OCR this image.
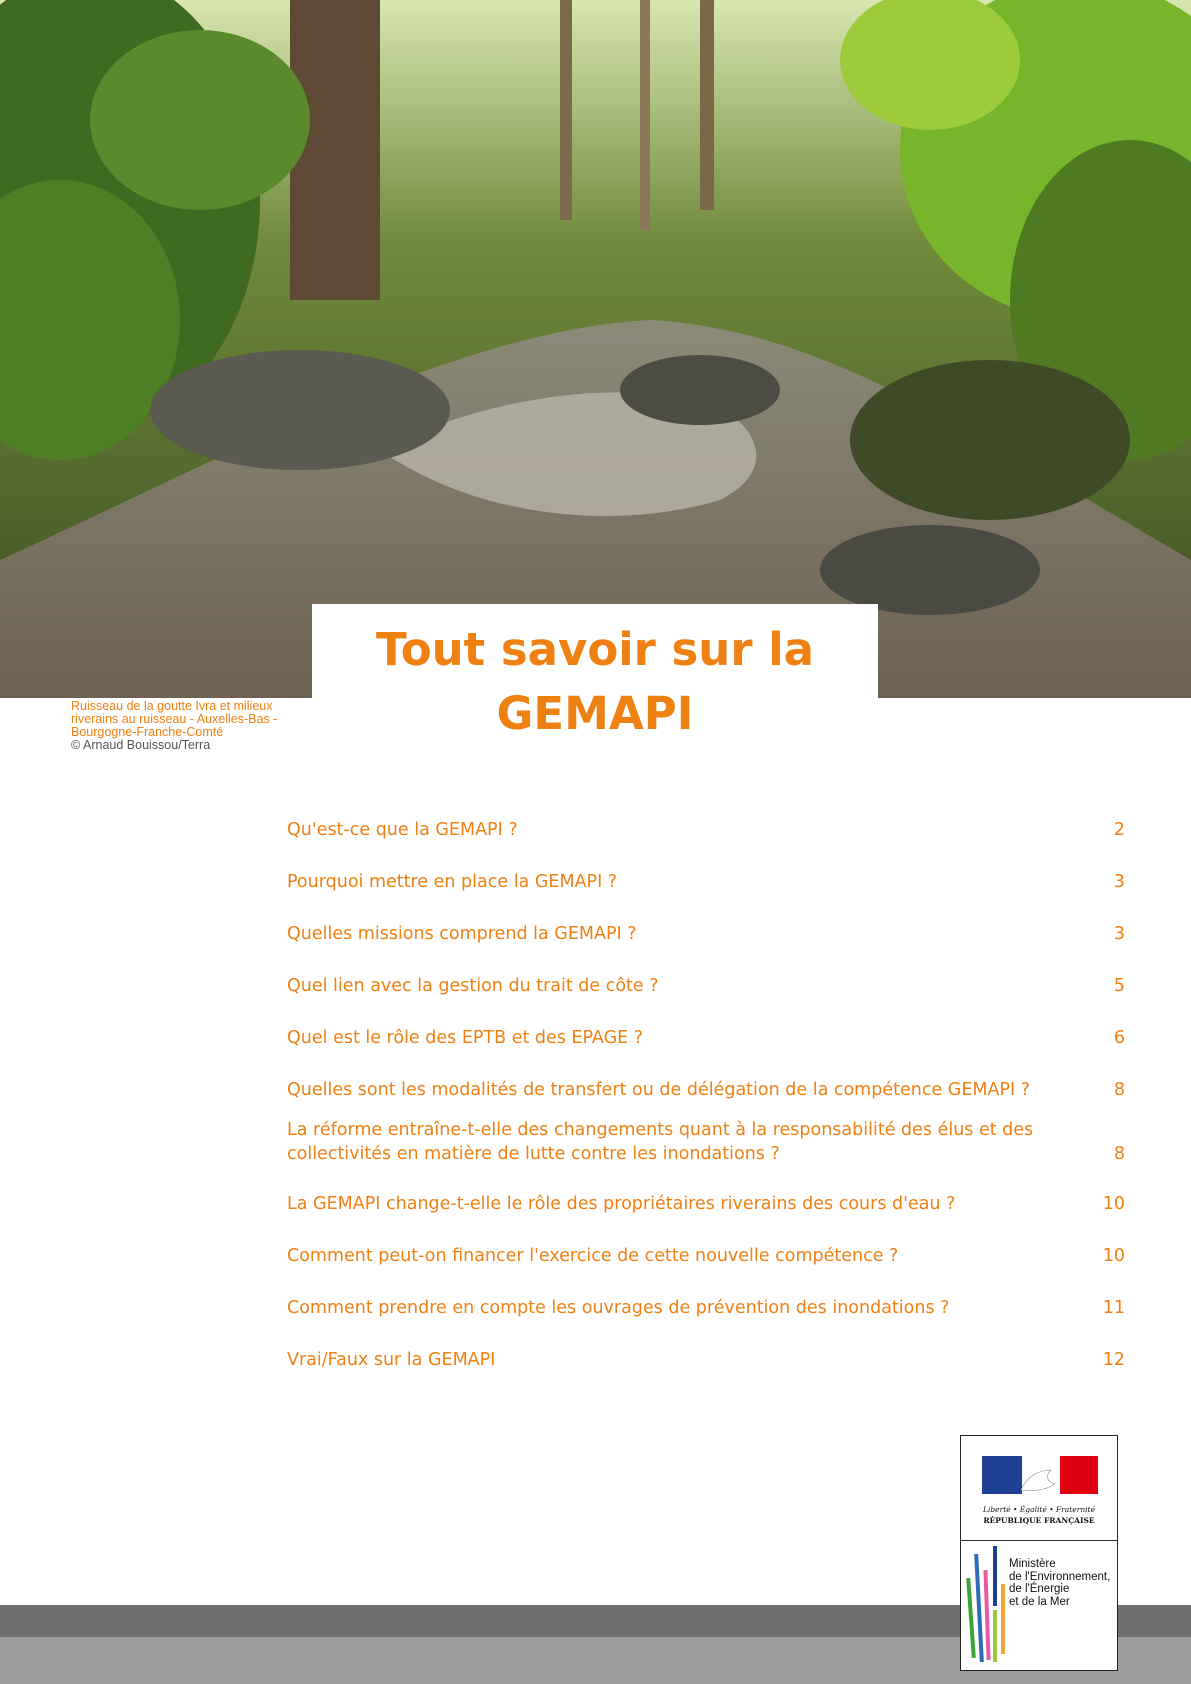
Tout savoir sur la
GEMAPI
Ruisseau de la goutte Ivra et milieux
riverains au ruisseau - Auxelles-Bas -
Bourgogne-Franche-Comté
© Arnaud Bouissou/Terra
Qu'est-ce que la GEMAPI ?	2
Pourquoi mettre en place la GEMAPI ?	3
Quelles missions comprend la GEMAPI ?	3
Quel lien avec la gestion du trait de côte ?	5
Quel est le rôle des EPTB et des EPAGE ?	6
Quelles sont les modalités de transfert ou de délégation de la compétence GEMAPI ?	8
La réforme entraîne-t-elle des changements quant à la responsabilité des élus et des collectivités en matière de lutte contre les inondations ?	8
La GEMAPI change-t-elle le rôle des propriétaires riverains des cours d'eau ?	10
Comment peut-on financer l'exercice de cette nouvelle compétence ?	10
Comment prendre en compte les ouvrages de prévention des inondations ?	11
Vrai/Faux sur la GEMAPI	12
Liberté • Égalité • Fraternité
RÉPUBLIQUE FRANÇAISE
Ministère
de l'Environnement,
de l'Énergie
et de la Mer
